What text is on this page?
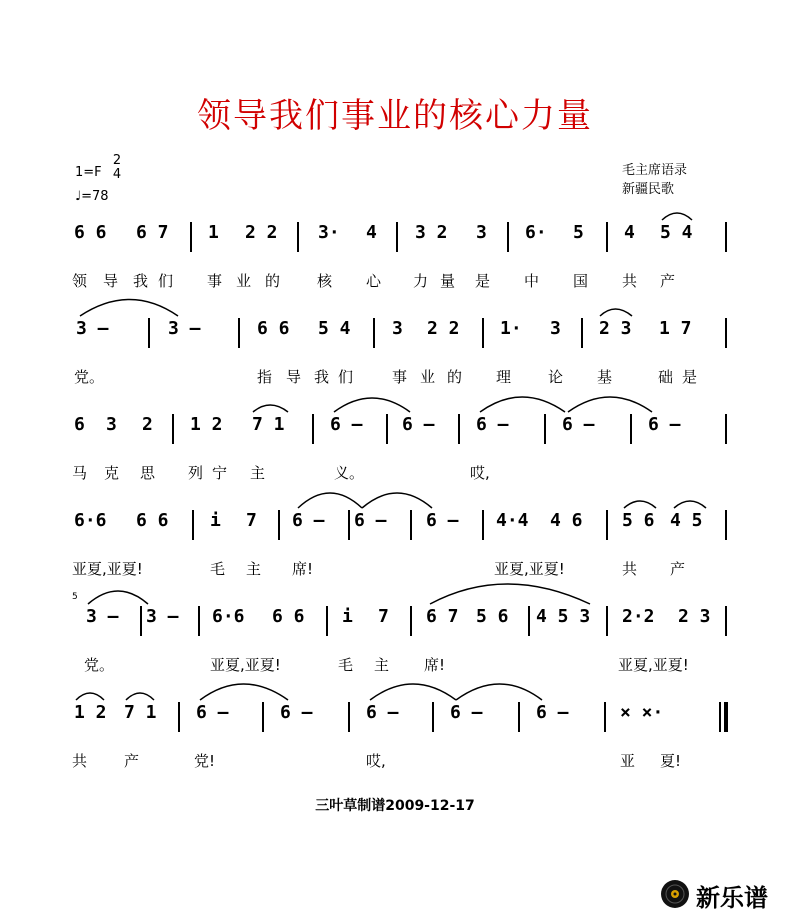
领导我们事业的核心力量
1=F
2
4
♩=78
毛主席语录
新疆民歌
6 6 6 7 1 2 2 3· 4 3 2 3 6· 5 4 5 4
领 导 我 们 事 业 的 核 心 力 量 是 中 国 共 产
3 –	3 –	6 6 5 4 3 2 2 1· 3 2 3 1 7
党。	指 导 我 们	事 业 的 理 论 基	础 是
6 3 2 1 2 7 1	6 – 6 – 6 –	6 –	6 –
马 克 思 列 宁 主	义。	哎,
6·6 6 6 i 7 6 – 6 – 6 – 4·4 4 6 5 6 4 5
亚夏,亚夏!	毛 主 席!	亚夏,亚夏!	共 产
5
3 – 3 – 6·6 6 6 i 7 6 7 5 6 4 5 3 2·2 2 3
党。	亚夏,亚夏!	毛 主 席!	亚夏,亚夏!
1 2 7 1 6 –	6 –	6 –	6 –	6 –	× ×·
共 产	党!	哎,	亚 夏!
三叶草制谱2009-12-17
新乐谱
